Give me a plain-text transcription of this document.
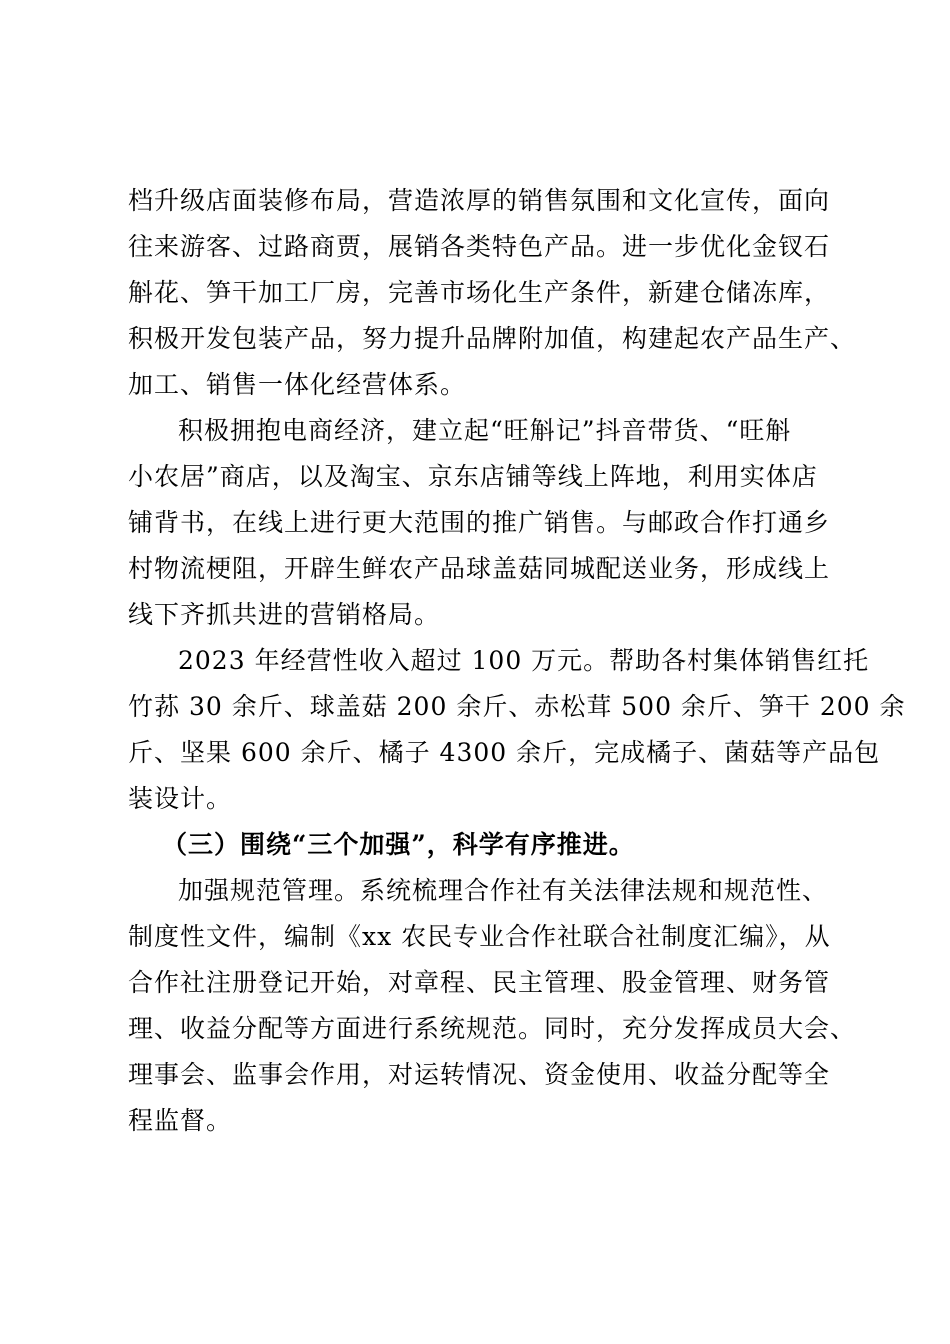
档升级店面装修布局，营造浓厚的销售氛围和文化宣传，面向
往来游客、过路商贾，展销各类特色产品。进一步优化金钗石
斛花、笋干加工厂房，完善市场化生产条件，新建仓储冻库，
积极开发包装产品，努力提升品牌附加值，构建起农产品生产、
加工、销售一体化经营体系。
积极拥抱电商经济，建立起“旺斛记”抖音带货、“旺斛
小农居”商店，以及淘宝、京东店铺等线上阵地，利用实体店
铺背书，在线上进行更大范围的推广销售。与邮政合作打通乡
村物流梗阻，开辟生鲜农产品球盖菇同城配送业务，形成线上
线下齐抓共进的营销格局。
2023 年经营性收入超过 100 万元。帮助各村集体销售红托
竹荪 30 余斤、球盖菇 200 余斤、赤松茸 500 余斤、笋干 200 余
斤、坚果 600 余斤、橘子 4300 余斤，完成橘子、菌菇等产品包
装设计。
（三）围绕“三个加强”，科学有序推进。
加强规范管理。系统梳理合作社有关法律法规和规范性、
制度性文件，编制《xx 农民专业合作社联合社制度汇编》，从
合作社注册登记开始，对章程、民主管理、股金管理、财务管
理、收益分配等方面进行系统规范。同时，充分发挥成员大会、
理事会、监事会作用，对运转情况、资金使用、收益分配等全
程监督。
